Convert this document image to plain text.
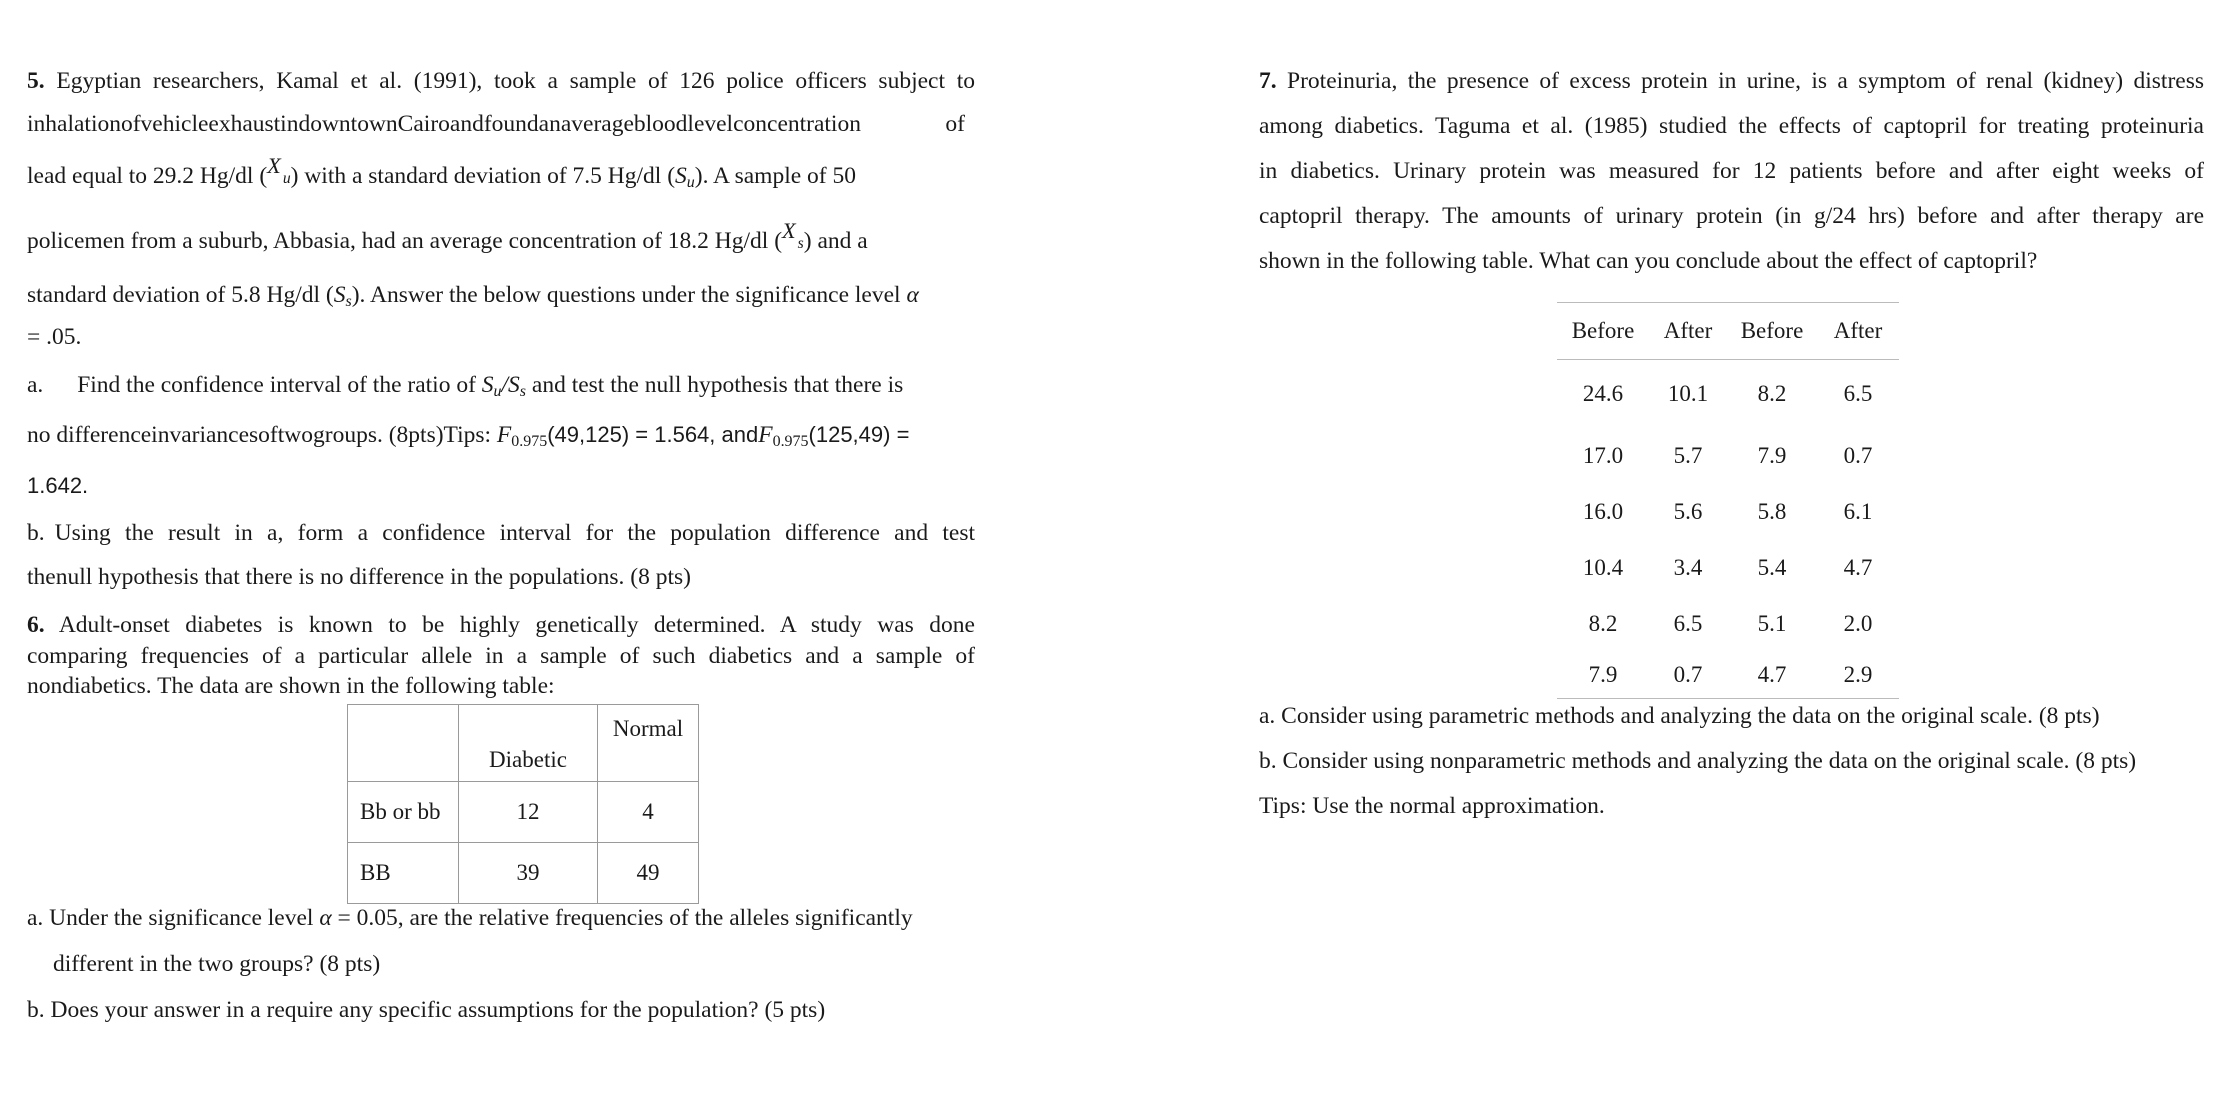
5. Egyptian researchers, Kamal et al. (1991), took a sample of 126 police officers subject to
inhalationofvehicleexhaustindowntownCairoandfoundanaveragebloodlevelconcentration	of
lead equal to 29.2 Hg/dl (Xu) with a standard deviation of 7.5 Hg/dl $(S_u)$. A sample of 50
policemen from a suburb, Abbasia, had an average concentration of 18.2 Hg/dl (Xs) and a
standard deviation of 5.8 Hg/dl $(S_s)$. Answer the below questions under the significance level α
= .05.
a. Find the confidence interval of the ratio of $S_u/S_s$ and test the null hypothesis that there is
no differenceinvariancesoftwogroups. (8pts)Tips: $F_{0.975}(49,125) = 1.564$, andF$_{0.975}$(125,49) =
1.642.
b. Using the result in a, form a confidence interval for the population difference and test
thenull hypothesis that there is no difference in the populations. (8 pts)
6. Adult-onset diabetes is known to be highly genetically determined. A study was done
comparing frequencies of a particular allele in a sample of such diabetics and a sample of
nondiabetics. The data are shown in the following table:

	Diabetic	Normal

Bb or bb	12	4
BB	39	49
a. Under the significance level α = 0.05, are the relative frequencies of the alleles significantly
different in the two groups? (8 pts)
b. Does your answer in a require any specific assumptions for the population? (5 pts)
7. Proteinuria, the presence of excess protein in urine, is a symptom of renal (kidney) distress
among diabetics. Taguma et al. (1985) studied the effects of captopril for treating proteinuria
in diabetics. Urinary protein was measured for 12 patients before and after eight weeks of
captopril therapy. The amounts of urinary protein (in g/24 hrs) before and after therapy are
shown in the following table. What can you conclude about the effect of captopril?
Before	After	Before	After
24.6	10.1	8.2	6.5
17.0	5.7	7.9	0.7
16.0	5.6	5.8	6.1
10.4	3.4	5.4	4.7
8.2	6.5	5.1	2.0
7.9	0.7	4.7	2.9
a. Consider using parametric methods and analyzing the data on the original scale. (8 pts)
b. Consider using nonparametric methods and analyzing the data on the original scale. (8 pts)
Tips: Use the normal approximation.
